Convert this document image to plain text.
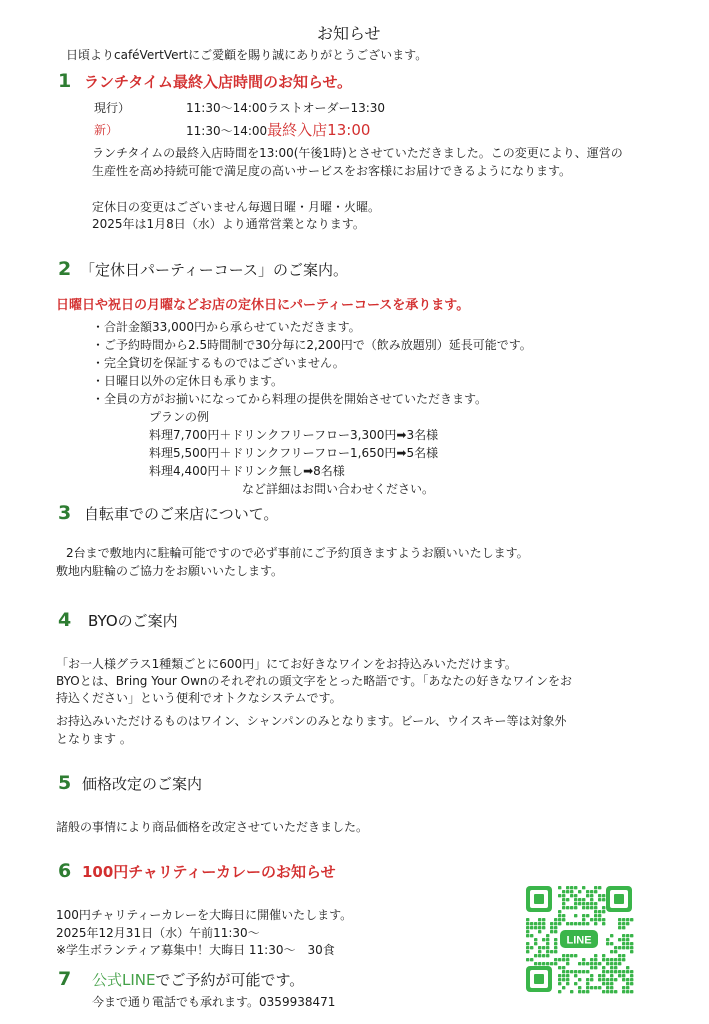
お知らせ
日頃よりcaféVertVertにご愛顧を賜り誠にありがとうございます。
1 ランチタイム最終入店時間のお知らせ。
現行）	11:30～14:00ラストオーダー13:30
新）	11:30～14:00最終入店13:00
ランチタイムの最終入店時間を13:00(午後1時)とさせていただきました。この変更により、運営の
生産性を高め持続可能で満足度の高いサービスをお客様にお届けできるようになります。
定休日の変更はございません毎週日曜・月曜・火曜。
2025年は1月8日（水）より通常営業となります。
2 「定休日パーティーコース」のご案内。
日曜日や祝日の月曜などお店の定休日にパーティーコースを承ります。
・合計金額33,000円から承らせていただきます。
・ご予約時間から2.5時間制で30分毎に2,200円で（飲み放題別）延長可能です。
・完全貸切を保証するものではございません。
・日曜日以外の定休日も承ります。
・全員の方がお揃いになってから料理の提供を開始させていただきます。
プランの例
料理7,700円＋ドリンクフリーフロー3,300円➡3名様
料理5,500円＋ドリンクフリーフロー1,650円➡5名様
料理4,400円＋ドリンク無し➡8名様
など詳細はお問い合わせください。
3 自転車でのご来店について。
2台まで敷地内に駐輪可能ですので必ず事前にご予約頂きますようお願いいたします。
敷地内駐輪のご協力をお願いいたします。
4 BYOのご案内
「お一人様グラス1種類ごとに600円」にてお好きなワインをお持込みいただけます。
BYOとは、Bring Your Ownのそれぞれの頭文字をとった略語です。「あなたの好きなワインをお
持込ください」という便利でオトクなシステムです。
お持込みいただけるものはワイン、シャンパンのみとなります。ビール、ウイスキー等は対象外
となります 。
5 価格改定のご案内
諸般の事情により商品価格を改定させていただきました。
6 100円チャリティーカレーのお知らせ
100円チャリティーカレーを大晦日に開催いたします。
2025年12月31日（水）午前11:30～
※学生ボランティア募集中！大晦日 11:30～　30食
7 公式LINEでご予約が可能です。
今まで通り電話でも承れます。0359938471
LINE
